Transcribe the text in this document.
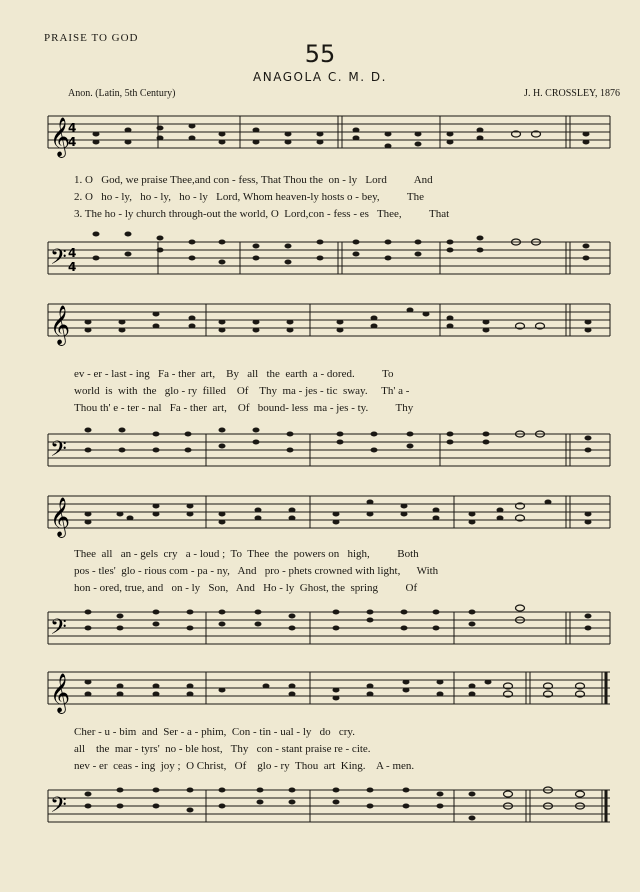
PRAISE TO GOD
55
ANAGOLA C. M. D.
Anon. (Latin, 5th Century)	J. H. CROSSLEY, 1876
𝄞
4
4
1. O   God, we praise Thee,and con - fess, That Thou the  on - ly   Lord          And
2. O   ho - ly,   ho - ly,   ho - ly   Lord, Whom heaven-ly hosts o - bey,          The
3. The ho - ly church through-out the world, O  Lord,con - fess - es   Thee,          That
𝄢 4
4
𝄞
ev - er - last - ing   Fa - ther  art,    By   all   the  earth  a - dored.          To
world  is  with  the   glo - ry  filled    Of    Thy  ma - jes - tic  sway.     Th' a -
Thou th' e - ter - nal   Fa - ther  art,    Of   bound- less  ma - jes - ty.          Thy
𝄢
𝄞
Thee  all   an - gels  cry   a - loud ;  To  Thee  the  powers on   high,          Both
pos - tles'  glo - rious com - pa - ny,   And   pro - phets crowned with light,      With
hon - ored, true, and   on - ly   Son,   And   Ho - ly  Ghost, the  spring          Of
𝄢
𝄞
Cher - u - bim  and  Ser - a - phim,  Con - tin - ual - ly   do   cry.
all    the  mar - tyrs'  no - ble host,   Thy   con - stant praise re - cite.
nev - er  ceas - ing  joy ;  O Christ,   Of    glo - ry  Thou  art  King.    A - men.
𝄢
